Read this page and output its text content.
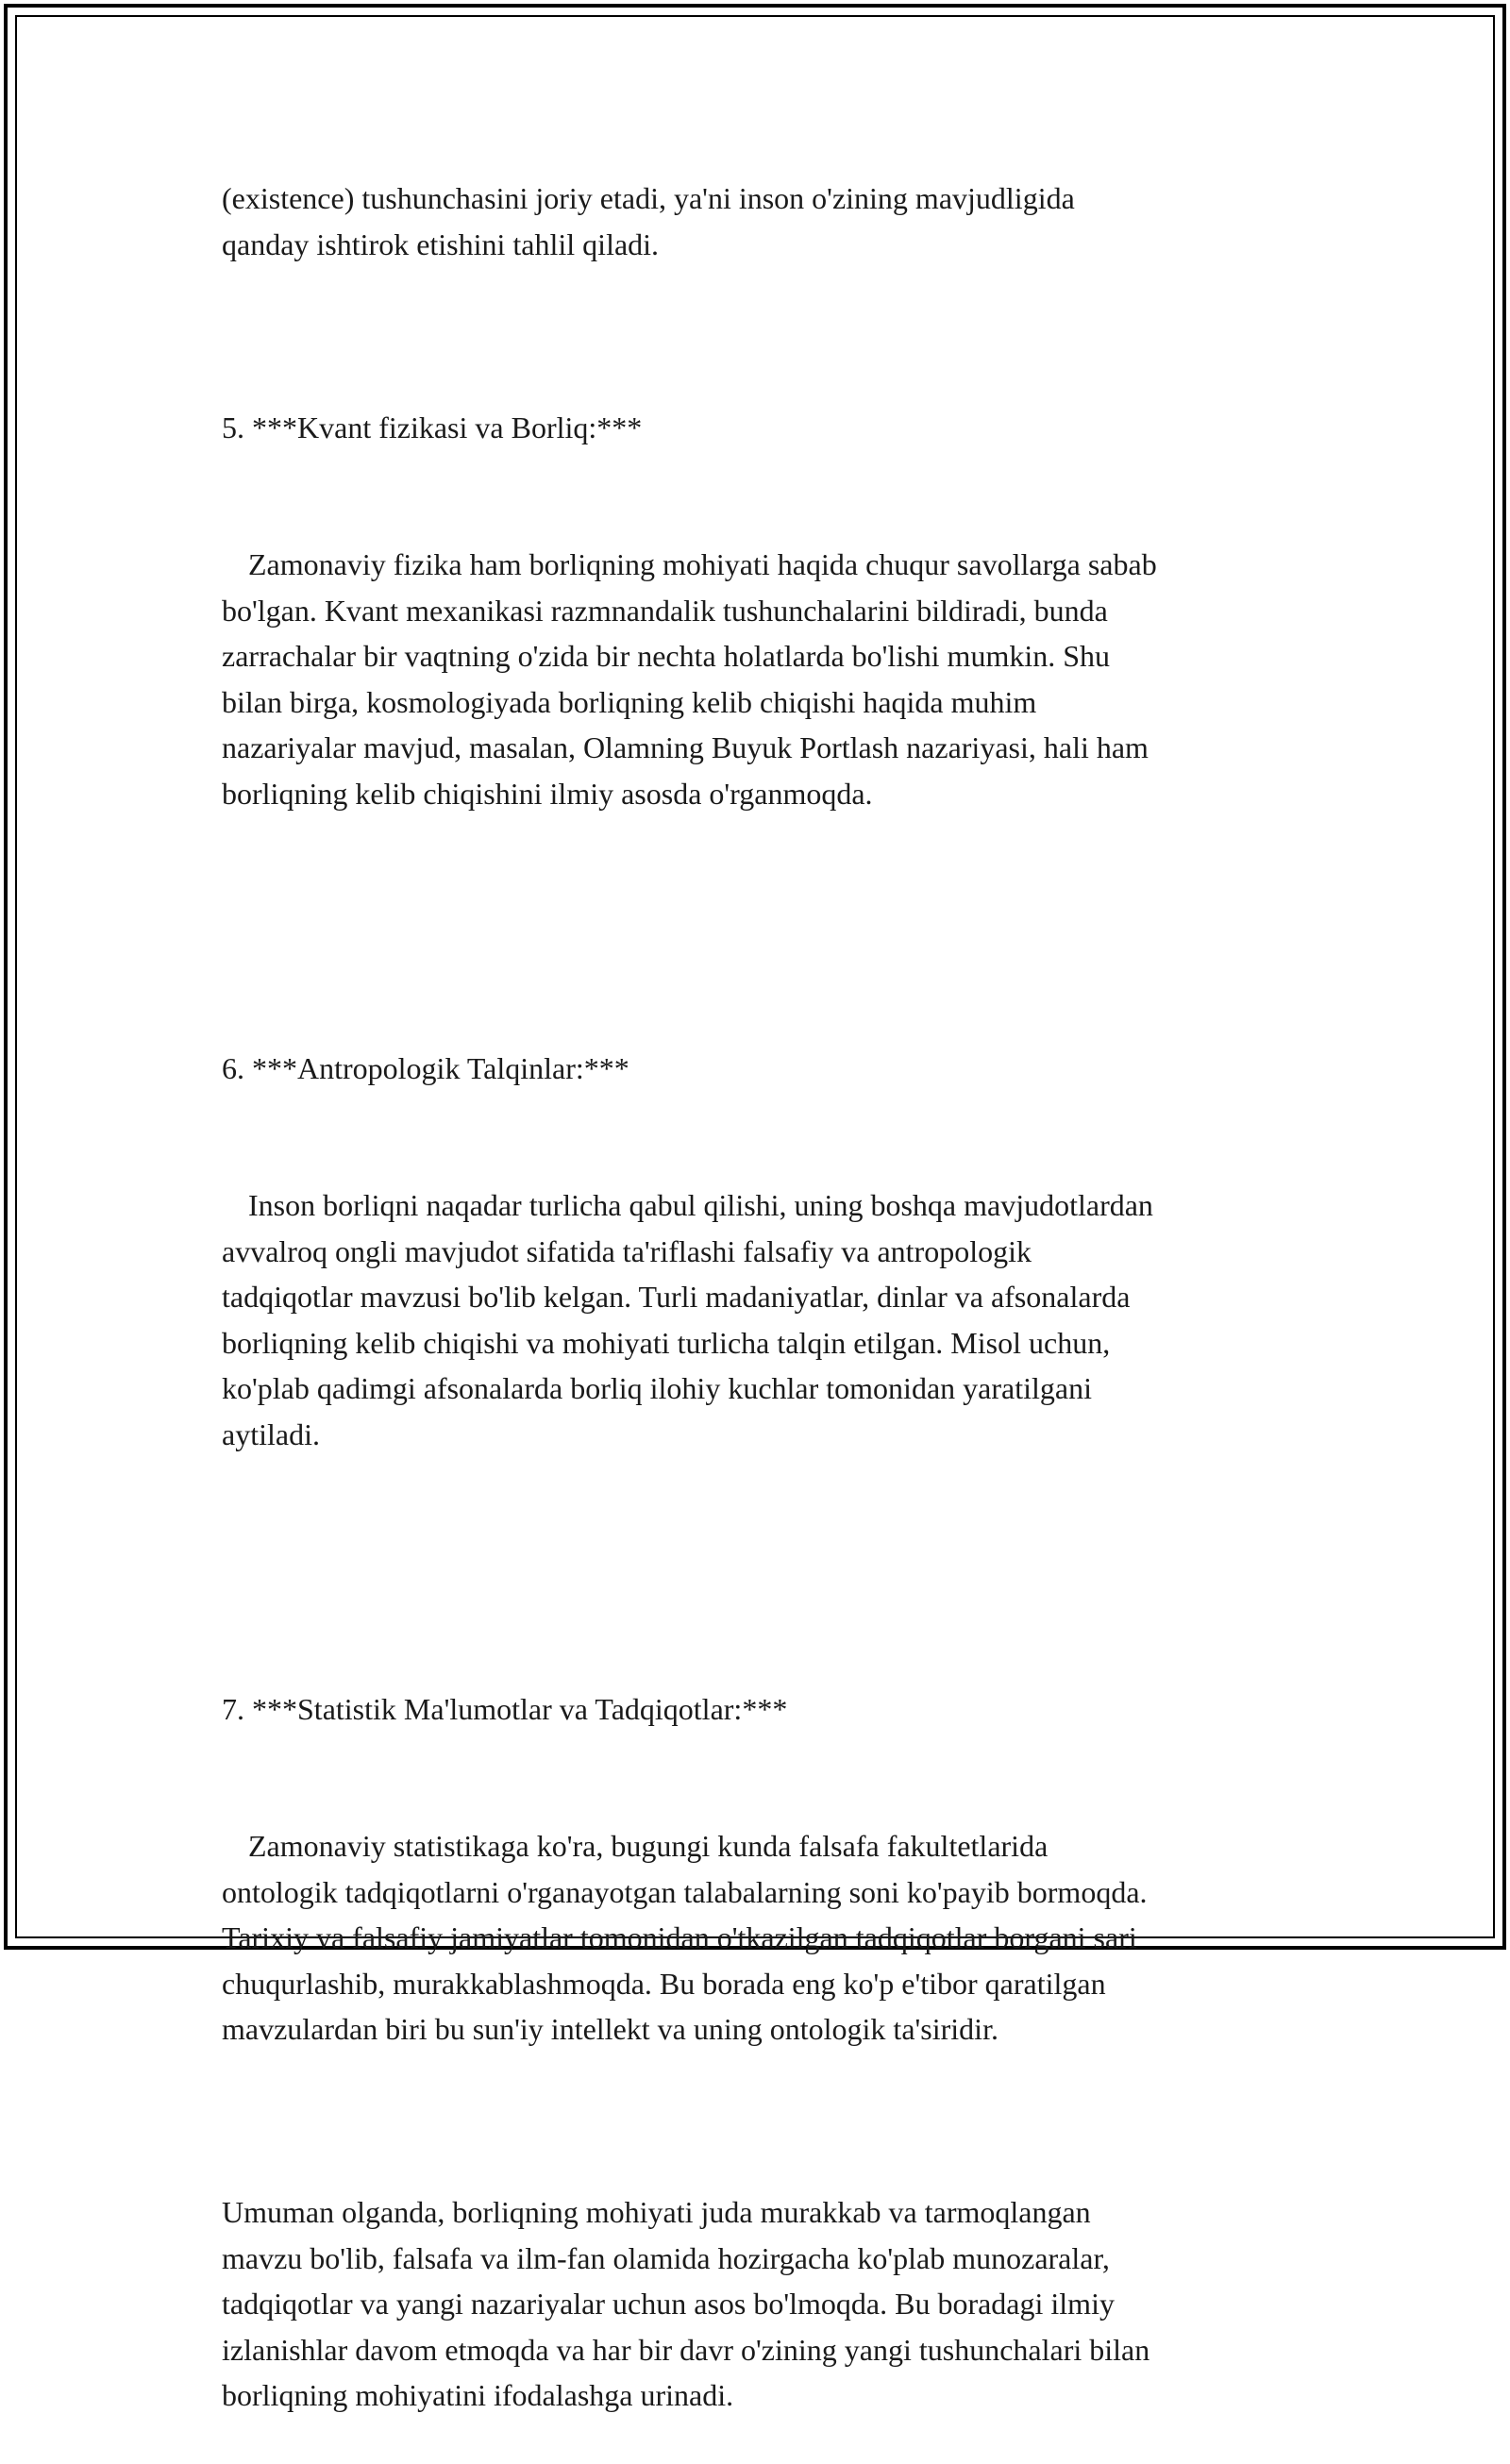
(existence) tushunchasini joriy etadi, ya'ni inson o'zining mavjudligida
qanday ishtirok etishini tahlil qiladi.

5. ***Kvant fizikasi va Borliq:***

Zamonaviy fizika ham borliqning mohiyati haqida chuqur savollarga sabab
bo'lgan. Kvant mexanikasi razmnandalik tushunchalarini bildiradi, bunda
zarrachalar bir vaqtning o'zida bir nechta holatlarda bo'lishi mumkin. Shu
bilan birga, kosmologiyada borliqning kelib chiqishi haqida muhim
nazariyalar mavjud, masalan, Olamning Buyuk Portlash nazariyasi, hali ham
borliqning kelib chiqishini ilmiy asosda o'rganmoqda.

6. ***Antropologik Talqinlar:***

Inson borliqni naqadar turlicha qabul qilishi, uning boshqa mavjudotlardan
avvalroq ongli mavjudot sifatida ta'riflashi falsafiy va antropologik
tadqiqotlar mavzusi bo'lib kelgan. Turli madaniyatlar, dinlar va afsonalarda
borliqning kelib chiqishi va mohiyati turlicha talqin etilgan. Misol uchun,
ko'plab qadimgi afsonalarda borliq ilohiy kuchlar tomonidan yaratilgani
aytiladi.

7. ***Statistik Ma'lumotlar va Tadqiqotlar:***

Zamonaviy statistikaga ko'ra, bugungi kunda falsafa fakultetlarida
ontologik tadqiqotlarni o'rganayotgan talabalarning soni ko'payib bormoqda.
Tarixiy va falsafiy jamiyatlar tomonidan o'tkazilgan tadqiqotlar borgani sari
chuqurlashib, murakkablashmoqda. Bu borada eng ko'p e'tibor qaratilgan
mavzulardan biri bu sun'iy intellekt va uning ontologik ta'siridir.

Umuman olganda, borliqning mohiyati juda murakkab va tarmoqlangan
mavzu bo'lib, falsafa va ilm-fan olamida hozirgacha ko'plab munozaralar,
tadqiqotlar va yangi nazariyalar uchun asos bo'lmoqda. Bu boradagi ilmiy
izlanishlar davom etmoqda va har bir davr o'zining yangi tushunchalari bilan
borliqning mohiyatini ifodalashga urinadi.
